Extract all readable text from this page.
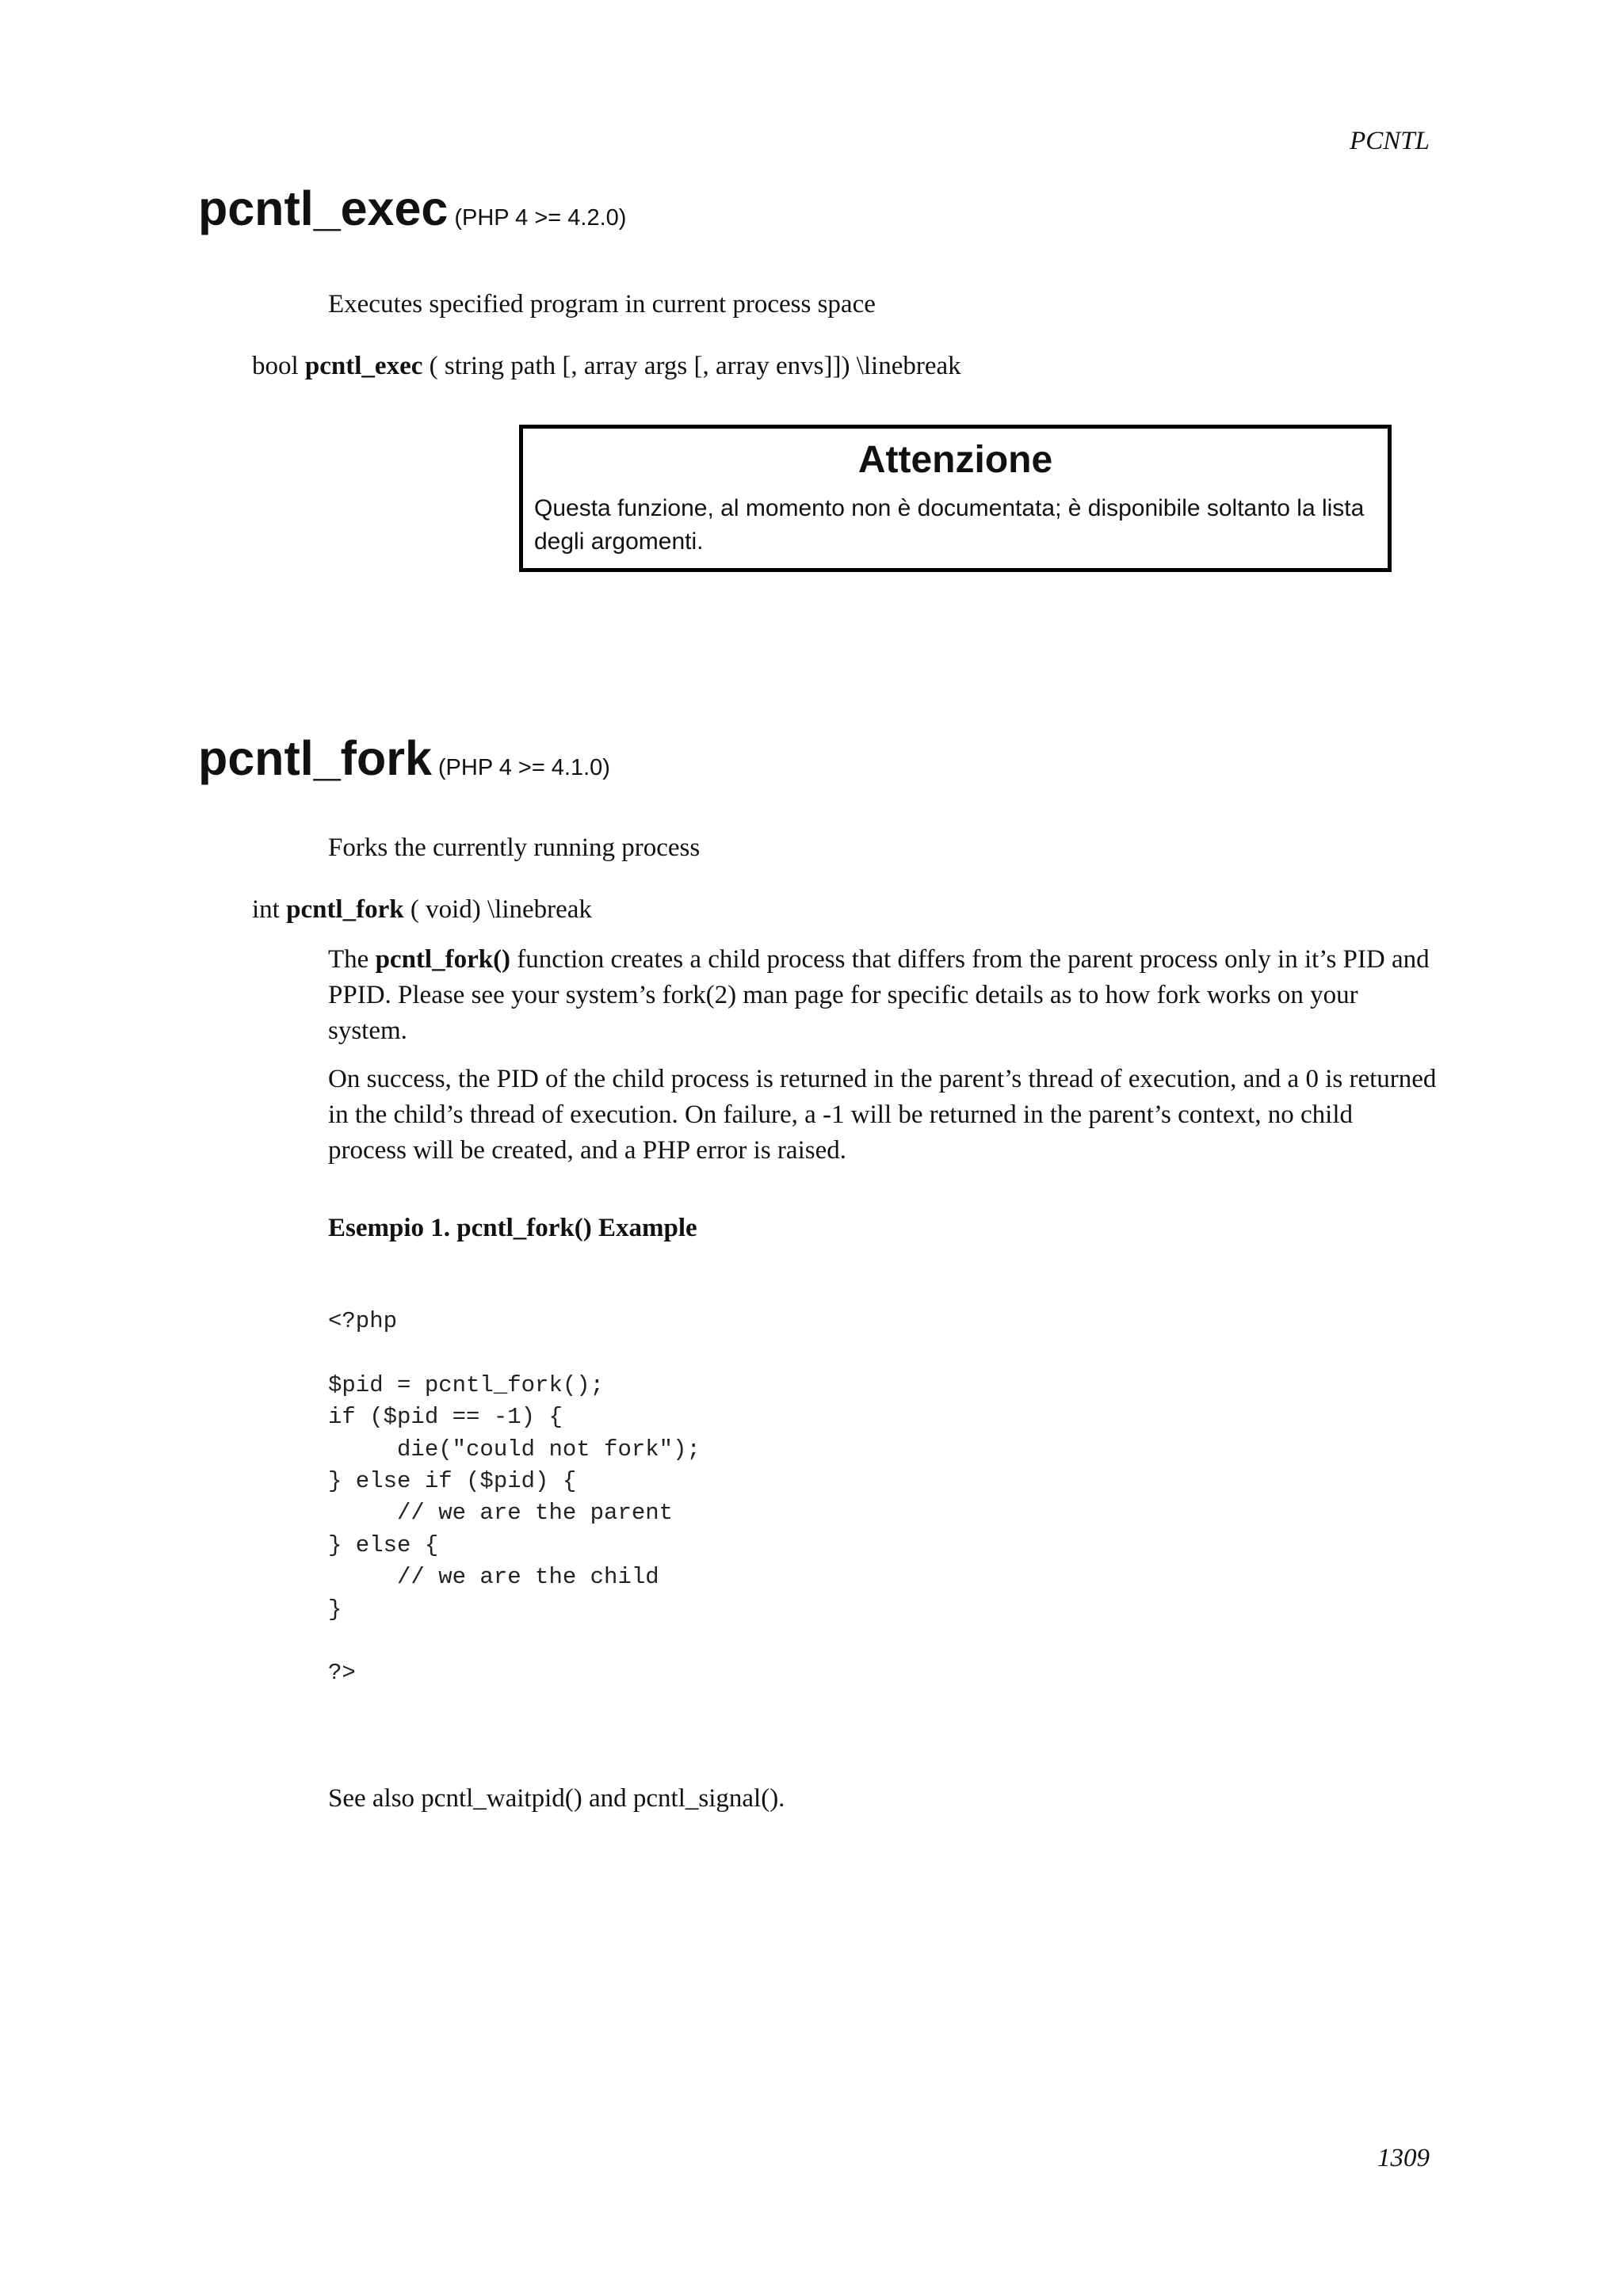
PCNTL
pcntl_exec (PHP 4 >= 4.2.0)
Executes specified program in current process space
bool pcntl_exec ( string path [, array args [, array envs]]) \linebreak
Attenzione
Questa funzione, al momento non è documentata; è disponibile soltanto la lista degli argomenti.
pcntl_fork (PHP 4 >= 4.1.0)
Forks the currently running process
int pcntl_fork ( void) \linebreak
The pcntl_fork() function creates a child process that differs from the parent process only in it’s PID and PPID. Please see your system’s fork(2) man page for specific details as to how fork works on your system.
On success, the PID of the child process is returned in the parent’s thread of execution, and a 0 is returned in the child’s thread of execution. On failure, a -1 will be returned in the parent’s context, no child process will be created, and a PHP error is raised.
Esempio 1. pcntl_fork() Example
<?php

$pid = pcntl_fork();
if ($pid == -1) {
die("could not fork");
} else if ($pid) {
// we are the parent
} else {
// we are the child
}

?>
See also pcntl_waitpid() and pcntl_signal().
1309
